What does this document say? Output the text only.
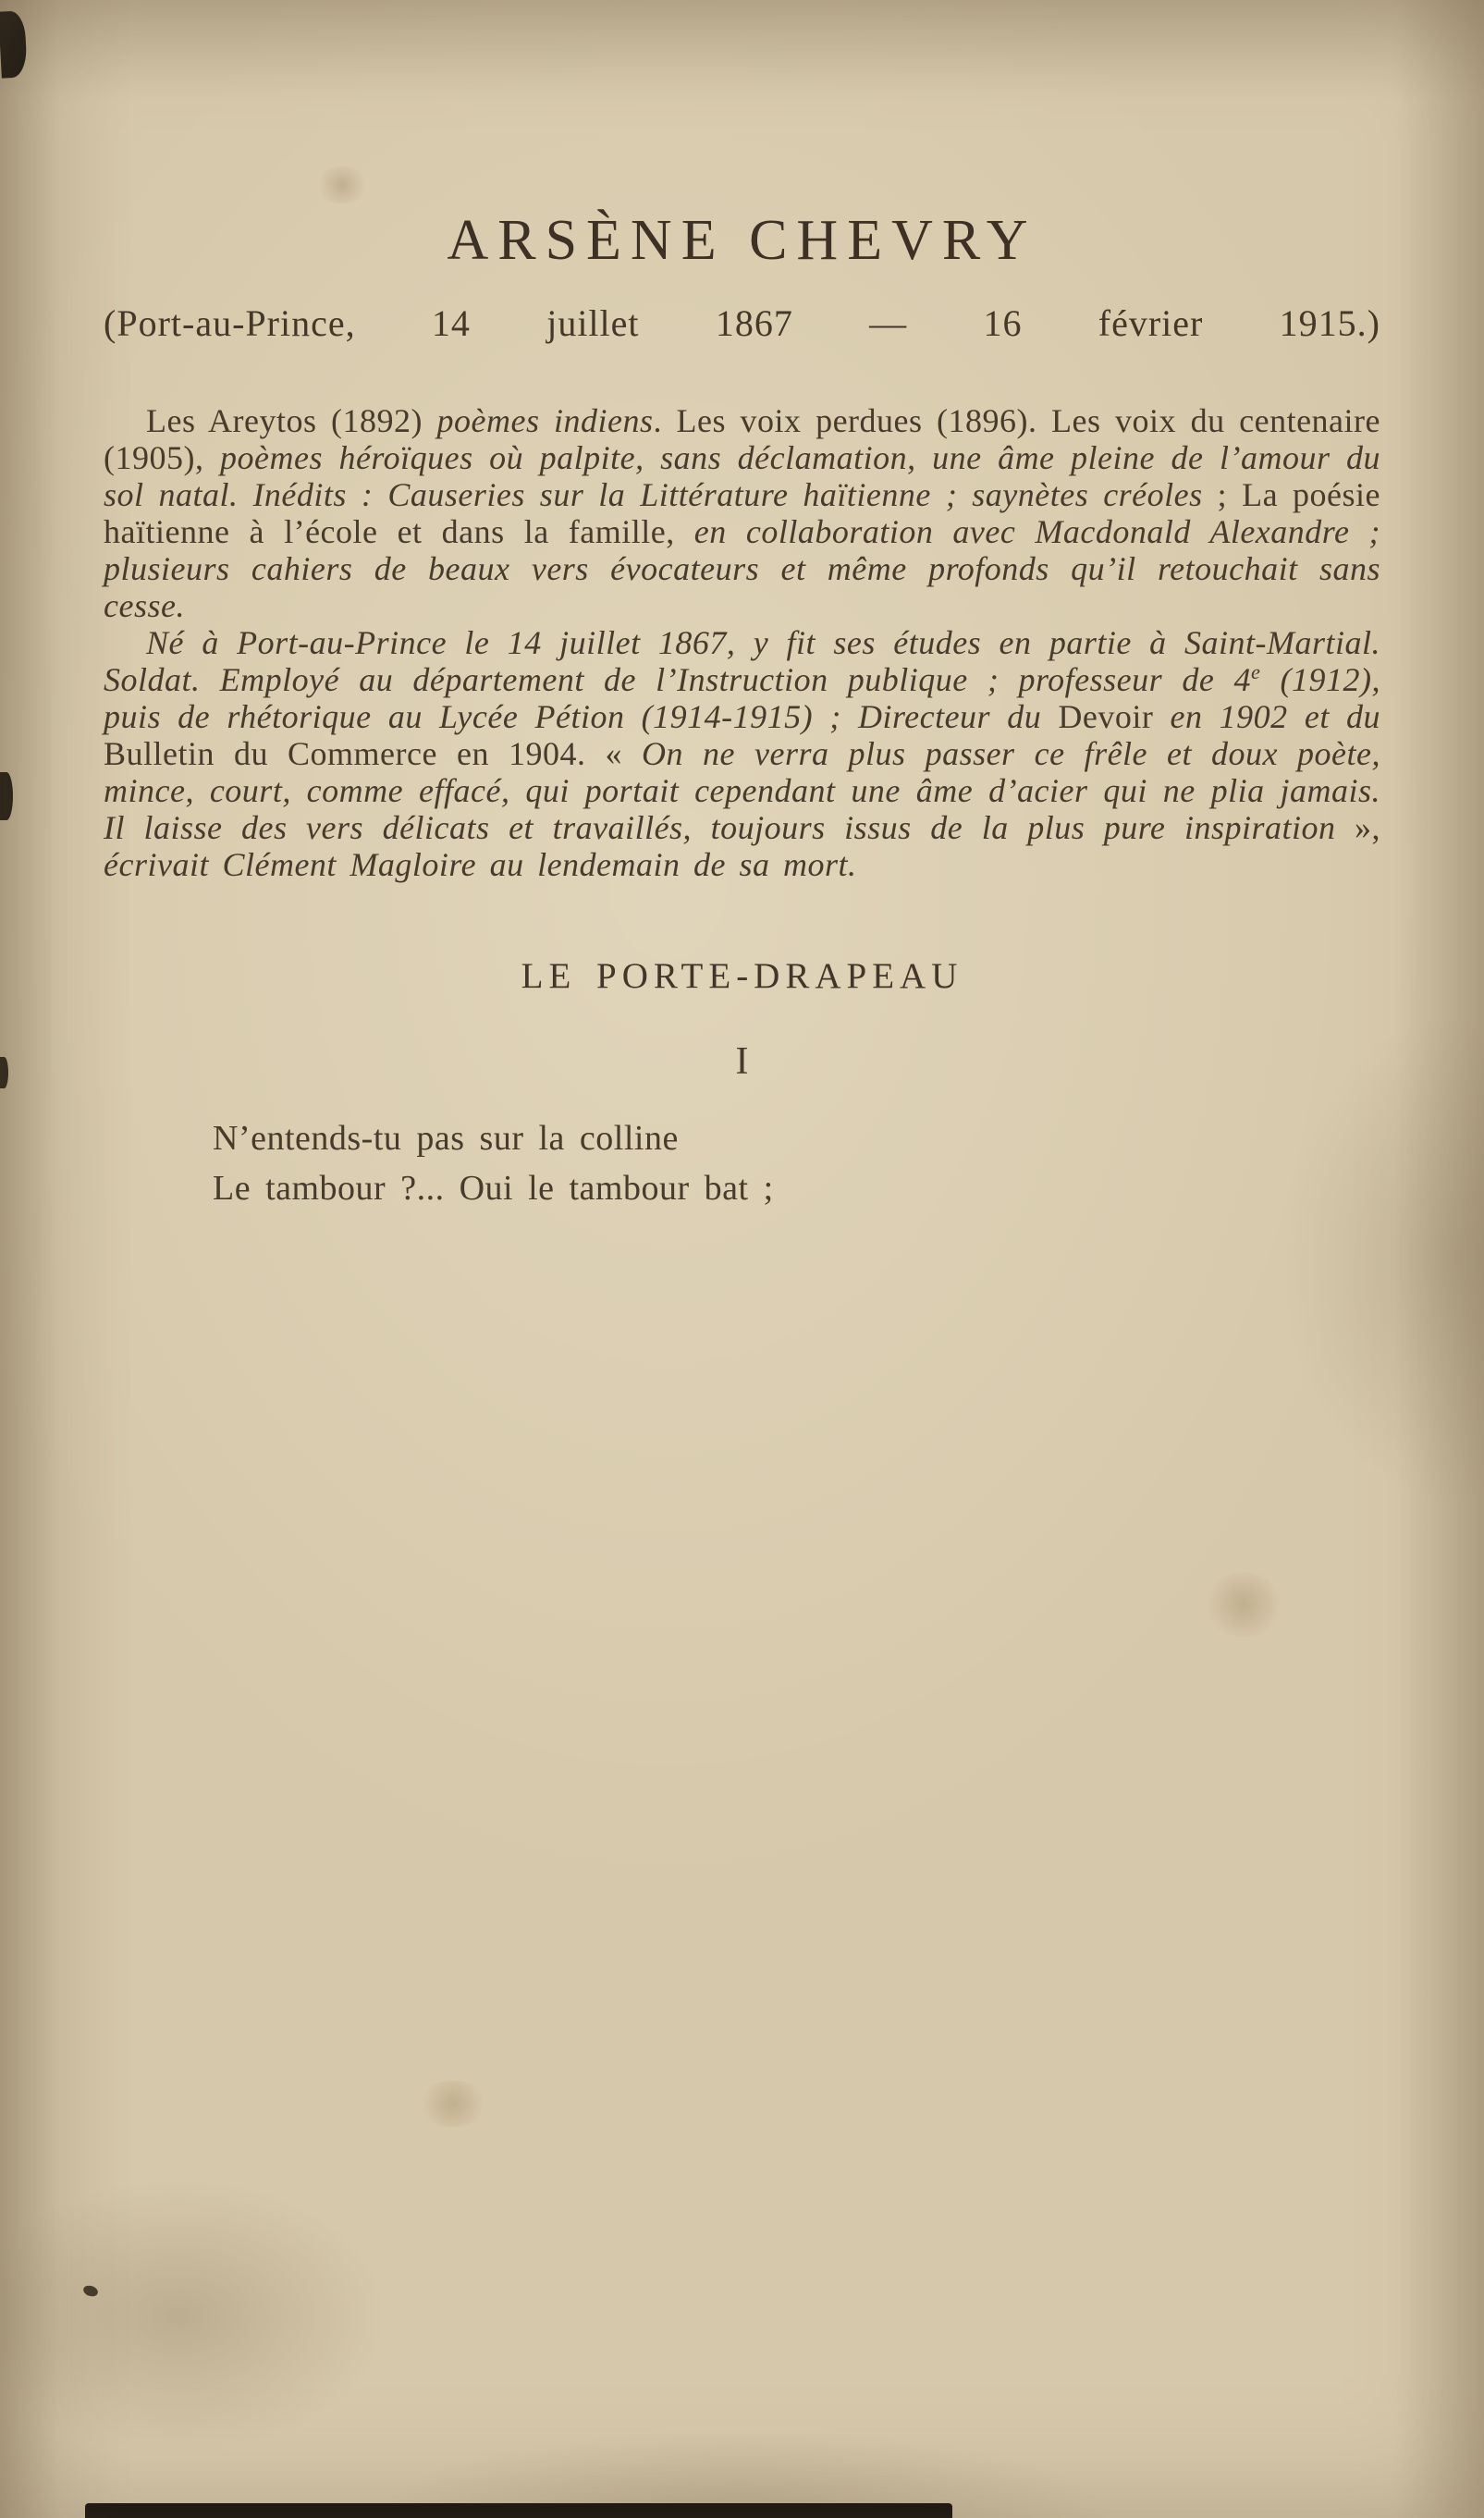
ARSÈNE CHEVRY
(Port-au-Prince, 14 juillet 1867 — 16 février 1915.)

Les Areytos (1892) poèmes indiens. Les voix perdues (1896). Les voix du centenaire (1905), poèmes héroïques où palpite, sans déclamation, une âme pleine de l’amour du sol natal. Inédits : Causeries sur la Littérature haïtienne ; saynètes créoles ; La poésie haïtienne à l’école et dans la famille, en collaboration avec Macdonald Alexandre ; plusieurs cahiers de beaux vers évocateurs et même profonds qu’il retouchait sans cesse.

Né à Port-au-Prince le 14 juillet 1867, y fit ses études en partie à Saint-Martial. Soldat. Employé au département de l’Instruction publique ; professeur de 4e (1912), puis de rhétorique au Lycée Pétion (1914-1915) ; Directeur du Devoir en 1902 et du Bulletin du Commerce en 1904. « On ne verra plus passer ce frêle et doux poète, mince, court, comme effacé, qui portait cependant une âme d’acier qui ne plia jamais. Il laisse des vers délicats et travaillés, toujours issus de la plus pure inspiration », écrivait Clément Magloire au lendemain de sa mort.

LE PORTE-DRAPEAU
I
N’entends-tu pas sur la colline
Le tambour ?... Oui le tambour bat ;
